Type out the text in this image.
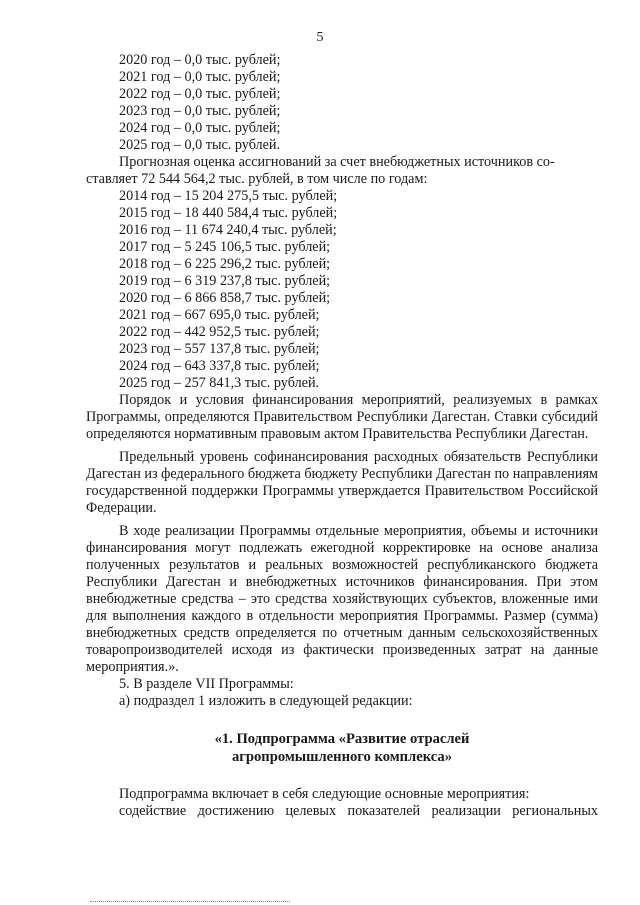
5

2020 год – 0,0 тыс. рублей;

2021 год – 0,0 тыс. рублей;

2022 год – 0,0 тыс. рублей;

2023 год – 0,0 тыс. рублей;

2024 год – 0,0 тыс. рублей;

2025 год – 0,0 тыс. рублей.

Прогнозная оценка ассигнований за счет внебюджетных источников со-

ставляет 72 544 564,2 тыс. рублей, в том числе по годам:

2014 год – 15 204 275,5 тыс. рублей;

2015 год – 18 440 584,4 тыс. рублей;

2016 год – 11 674 240,4 тыс. рублей;

2017 год – 5 245 106,5 тыс. рублей;

2018 год – 6 225 296,2 тыс. рублей;

2019 год – 6 319 237,8 тыс. рублей;

2020 год – 6 866 858,7 тыс. рублей;

2021 год – 667 695,0 тыс. рублей;

2022 год – 442 952,5 тыс. рублей;

2023 год – 557 137,8 тыс. рублей;

2024 год – 643 337,8 тыс. рублей;

2025 год – 257 841,3 тыс. рублей.

Порядок и условия финансирования мероприятий, реализуемых в рамках Программы, определяются Правительством Республики Дагестан. Ставки субсидий определяются нормативным правовым актом Правительства Республики Дагестан.

Предельный уровень софинансирования расходных обязательств Республики Дагестан из федерального бюджета бюджету Республики Дагестан по направлениям государственной поддержки Программы утверждается Правительством Российской Федерации.

В ходе реализации Программы отдельные мероприятия, объемы и источники финансирования могут подлежать ежегодной корректировке на основе анализа полученных результатов и реальных возможностей республиканского бюджета Республики Дагестан и внебюджетных источников финансирования. При этом внебюджетные средства – это средства хозяйствующих субъектов, вложенные ими для выполнения каждого в отдельности мероприятия Программы. Размер (сумма) внебюджетных средств определяется по отчетным данным сельскохозяйственных товаропроизводителей исходя из фактически произведенных затрат на данные мероприятия.».

5. В разделе VII Программы:

а) подраздел 1 изложить в следующей редакции:

«1. Подпрограмма «Развитие отраслей

агропромышленного комплекса»

Подпрограмма включает в себя следующие основные мероприятия:

содействие достижению целевых показателей реализации региональных
